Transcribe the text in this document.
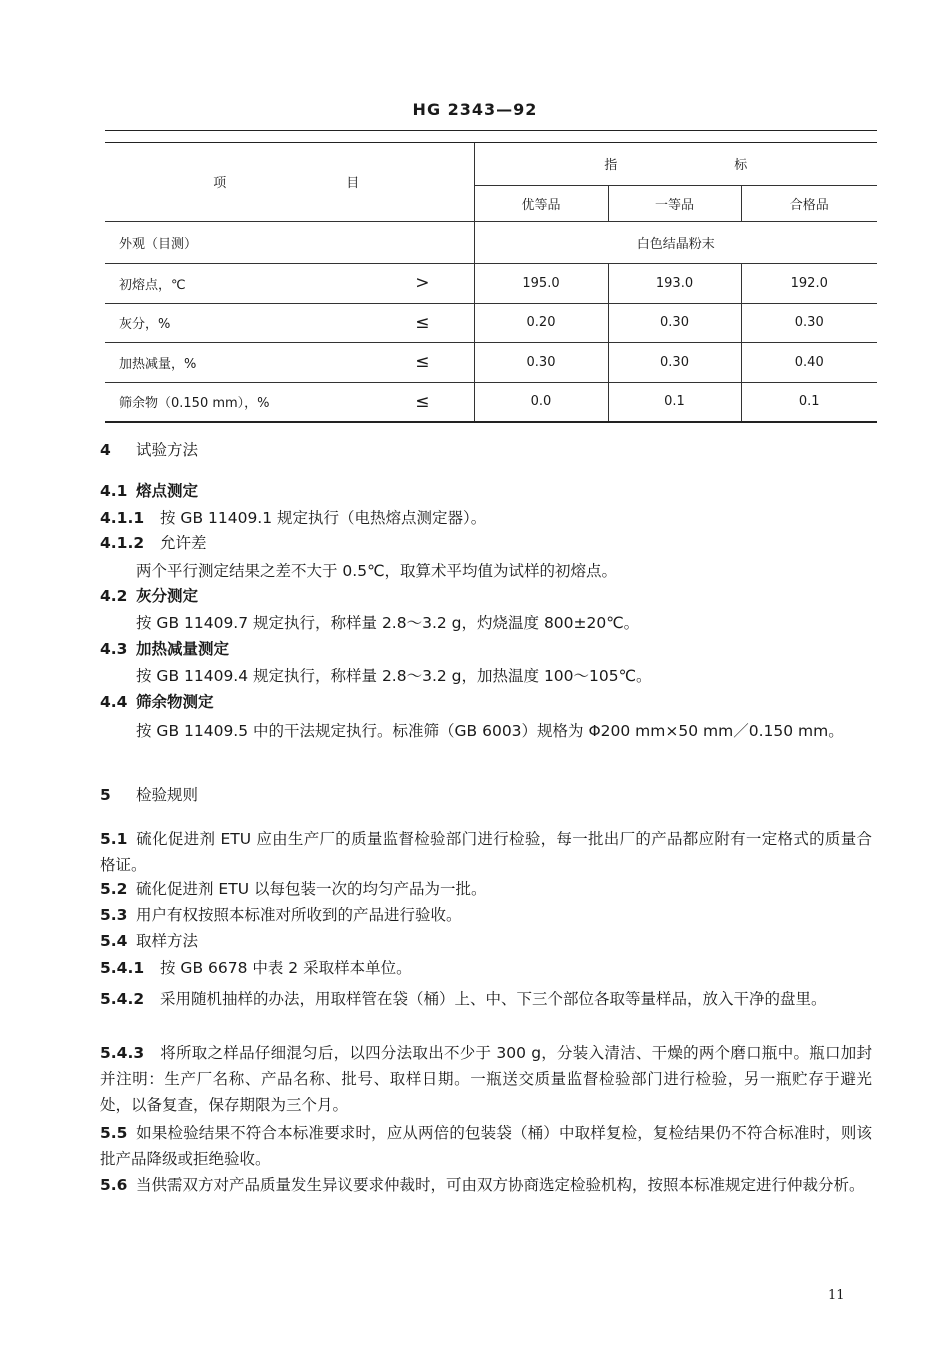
HG 2343—92
项　　　　　　目		指　　　　　　　　　标		
		优等品	一等品	合格品
外观（目测）		白色结晶粉末		
初熔点，℃	>	195.0	193.0	192.0
灰分，%	≤	0.20	0.30	0.30
加热减量，%	≤	0.30	0.30	0.40
筛余物（0.150 mm），%	≤	0.0	0.1	0.1
4 试验方法
4.1 熔点测定
4.1.1 按 GB 11409.1 规定执行（电热熔点测定器）。
4.1.2 允许差
两个平行测定结果之差不大于 0.5℃，取算术平均值为试样的初熔点。
4.2 灰分测定
按 GB 11409.7 规定执行，称样量 2.8～3.2 g，灼烧温度 800±20℃。
4.3 加热减量测定
按 GB 11409.4 规定执行，称样量 2.8～3.2 g，加热温度 100～105℃。
4.4 筛余物测定
按 GB 11409.5 中的干法规定执行。标准筛（GB 6003）规格为 Φ200 mm×50 mm／0.150 mm。
5 检验规则
5.1 硫化促进剂 ETU 应由生产厂的质量监督检验部门进行检验，每一批出厂的产品都应附有一定格式的质量合格证。
5.2 硫化促进剂 ETU 以每包装一次的均匀产品为一批。
5.3 用户有权按照本标准对所收到的产品进行验收。
5.4 取样方法
5.4.1 按 GB 6678 中表 2 采取样本单位。
5.4.2 采用随机抽样的办法，用取样管在袋（桶）上、中、下三个部位各取等量样品，放入干净的盘里。
5.4.3 将所取之样品仔细混匀后，以四分法取出不少于 300 g，分装入清洁、干燥的两个磨口瓶中。瓶口加封并注明：生产厂名称、产品名称、批号、取样日期。一瓶送交质量监督检验部门进行检验，另一瓶贮存于避光处，以备复查，保存期限为三个月。
5.5 如果检验结果不符合本标准要求时，应从两倍的包装袋（桶）中取样复检，复检结果仍不符合标准时，则该批产品降级或拒绝验收。
5.6 当供需双方对产品质量发生异议要求仲裁时，可由双方协商选定检验机构，按照本标准规定进行仲裁分析。
11
